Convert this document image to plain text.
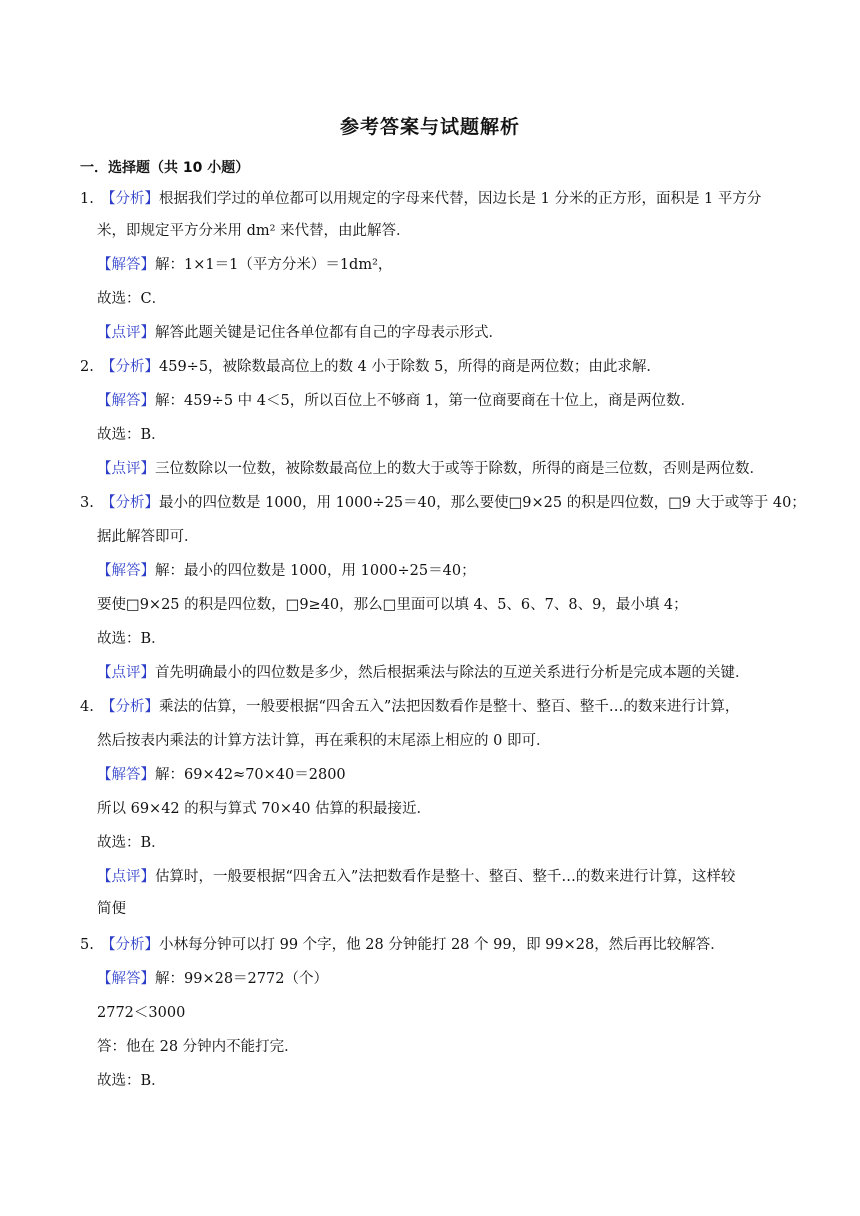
参考答案与试题解析
一．选择题（共 10 小题）
1. 【分析】根据我们学过的单位都可以用规定的字母来代替，因边长是 1 分米的正方形，面积是 1 平方分
米，即规定平方分米用 dm² 来代替，由此解答．
【解答】解：1×1＝1（平方分米）＝1dm²，
故选：C．
【点评】解答此题关键是记住各单位都有自己的字母表示形式．
2. 【分析】459÷5，被除数最高位上的数 4 小于除数 5，所得的商是两位数；由此求解．
【解答】解：459÷5 中 4＜5，所以百位上不够商 1，第一位商要商在十位上，商是两位数．
故选：B．
【点评】三位数除以一位数，被除数最高位上的数大于或等于除数，所得的商是三位数，否则是两位数．
3. 【分析】最小的四位数是 1000，用 1000÷25＝40，那么要使□9×25 的积是四位数，□9 大于或等于 40；
据此解答即可．
【解答】解：最小的四位数是 1000，用 1000÷25＝40；
要使□9×25 的积是四位数，□9≥40，那么□里面可以填 4、5、6、7、8、9，最小填 4；
故选：B．
【点评】首先明确最小的四位数是多少，然后根据乘法与除法的互逆关系进行分析是完成本题的关键．
4. 【分析】乘法的估算，一般要根据“四舍五入”法把因数看作是整十、整百、整千…的数来进行计算，
然后按表内乘法的计算方法计算，再在乘积的末尾添上相应的 0 即可．
【解答】解：69×42≈70×40＝2800
所以 69×42 的积与算式 70×40 估算的积最接近．
故选：B．
【点评】估算时，一般要根据“四舍五入”法把数看作是整十、整百、整千…的数来进行计算，这样较
简便
5. 【分析】小林每分钟可以打 99 个字，他 28 分钟能打 28 个 99，即 99×28，然后再比较解答．
【解答】解：99×28＝2772（个）
2772＜3000
答：他在 28 分钟内不能打完．
故选：B．
